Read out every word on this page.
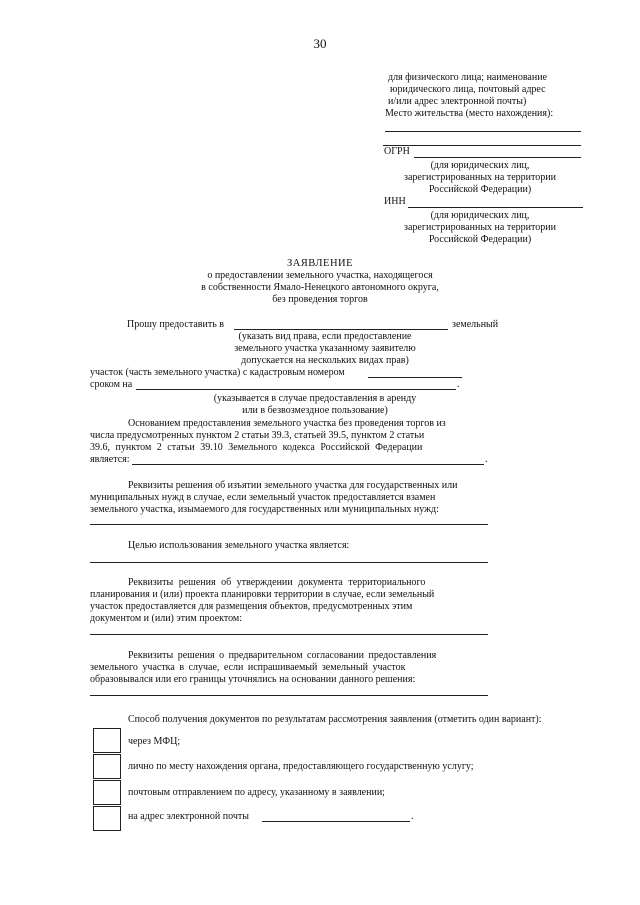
30
для физического лица; наименование
юридического лица, почтовый адрес
и/или адрес электронной почты)
Место жительства (место нахождения):
ОГРН
(для юридических лиц,
зарегистрированных на территории
Российской Федерации)
ИНН
(для юридических лиц,
зарегистрированных на территории
Российской Федерации)
ЗАЯВЛЕНИЕ
о предоставлении земельного участка, находящегося
в собственности Ямало-Ненецкого автономного округа,
без проведения торгов
Прошу предоставить в	земельный
(указать вид права, если предоставление
земельного участка указанному заявителю
допускается на нескольких видах прав)
участок (часть земельного участка) с кадастровым номером
сроком на	.
(указывается в случае предоставления в аренду
или в безвозмездное пользование)
Основанием предоставления земельного участка без проведения торгов из
числа предусмотренных пунктом 2 статьи 39.3, статьей 39.5, пунктом 2 статьи
39.6, пунктом 2 статьи 39.10 Земельного кодекса Российской Федерации
является:	.
Реквизиты решения об изъятии земельного участка для государственных или
муниципальных нужд в случае, если земельный участок предоставляется взамен
земельного участка, изымаемого для государственных или муниципальных нужд:
Целью использования земельного участка является:
Реквизиты решения об утверждении документа территориального
планирования и (или) проекта планировки территории в случае, если земельный
участок предоставляется для размещения объектов, предусмотренных этим
документом и (или) этим проектом:
Реквизиты решения о предварительном согласовании предоставления
земельного участка в случае, если испрашиваемый земельный участок
образовывался или его границы уточнялись на основании данного решения:
Способ получения документов по результатам рассмотрения заявления (отметить один вариант):
через МФЦ;
лично по месту нахождения органа, предоставляющего государственную услугу;
почтовым отправлением по адресу, указанному в заявлении;
на адрес электронной почты	.
